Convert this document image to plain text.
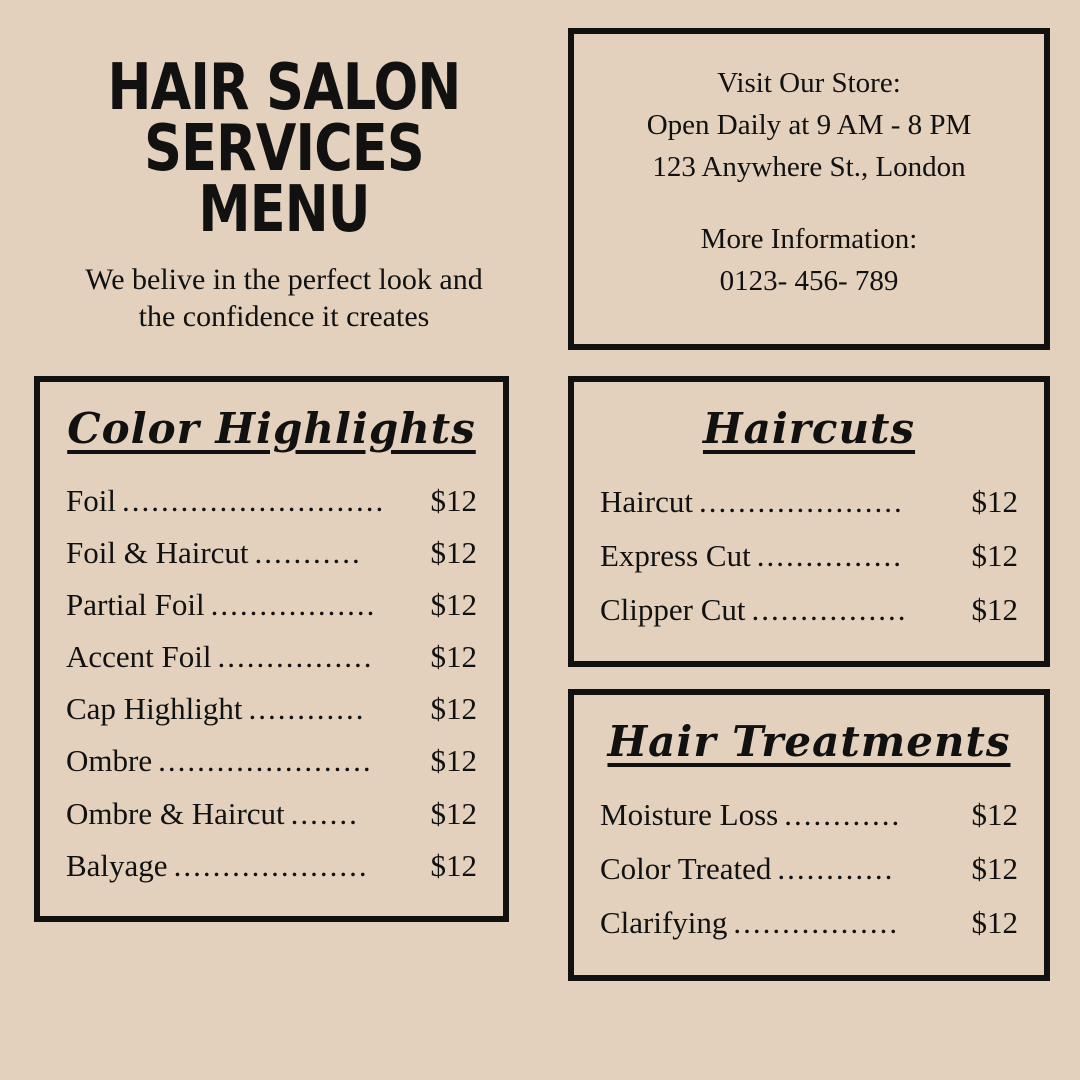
HAIR SALON
SERVICES MENU
We belive in the perfect look and
the confidence it creates
Visit Our Store:
Open Daily at 9 AM - 8 PM
123 Anywhere St., London
More Information:
0123- 456- 789
Color Highlights
Foil ...........................	$12
Foil & Haircut ...........	$12
Partial Foil .................	$12
Accent Foil ................	$12
Cap Highlight ............	$12
Ombre ......................	$12
Ombre & Haircut .......	$12
Balyage ....................	$12
Haircuts
Haircut .....................	$12
Express Cut ...............	$12
Clipper Cut ................	$12
Hair Treatments
Moisture Loss ............	$12
Color Treated ............	$12
Clarifying .................	$12
